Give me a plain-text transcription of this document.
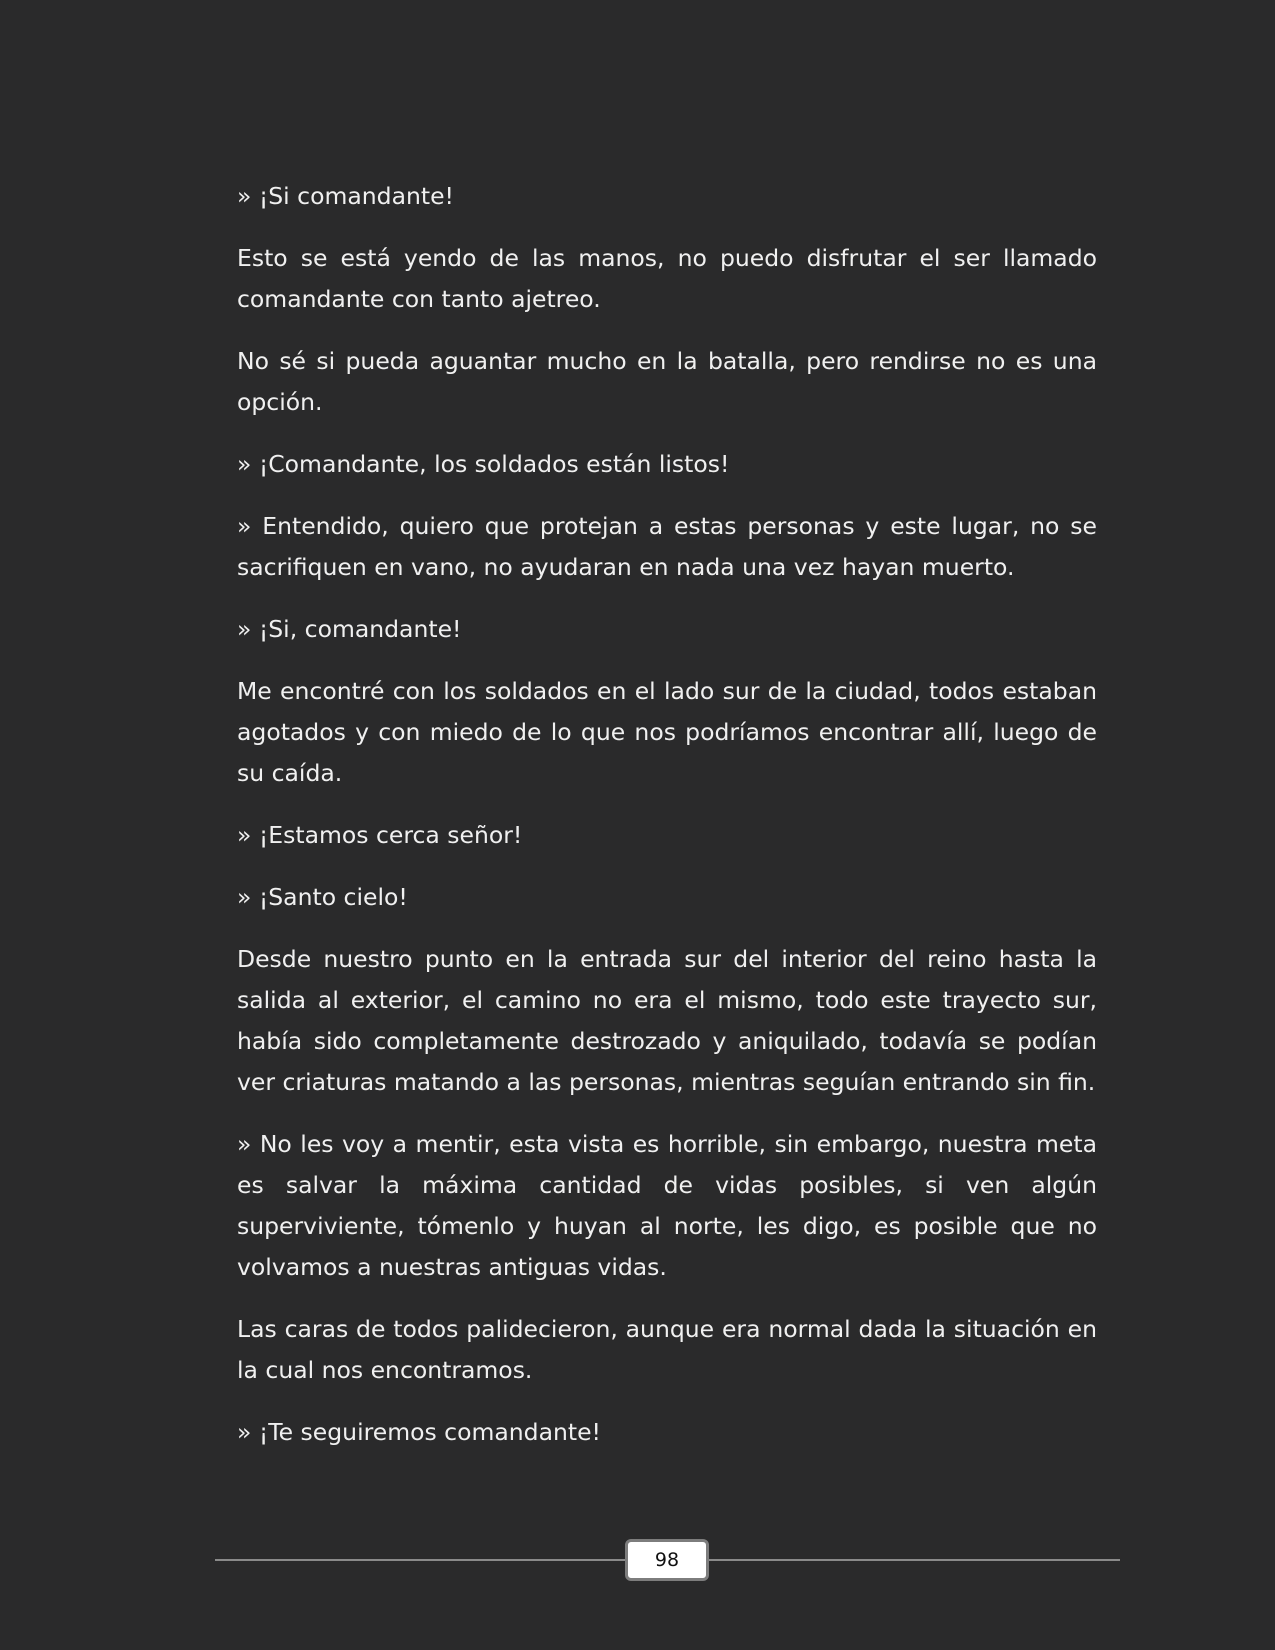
» ¡Si comandante!

Esto se está yendo de las manos, no puedo disfrutar el ser llamado comandante con tanto ajetreo.

No sé si pueda aguantar mucho en la batalla, pero rendirse no es una opción.

» ¡Comandante, los soldados están listos!

» Entendido, quiero que protejan a estas personas y este lugar, no se sacrifiquen en vano, no ayudaran en nada una vez hayan muerto.

» ¡Si, comandante!

Me encontré con los soldados en el lado sur de la ciudad, todos estaban agotados y con miedo de lo que nos podríamos encontrar allí, luego de su caída.

» ¡Estamos cerca señor!

» ¡Santo cielo!

Desde nuestro punto en la entrada sur del interior del reino hasta la salida al exterior, el camino no era el mismo, todo este trayecto sur, había sido completamente destrozado y aniquilado, todavía se podían ver criaturas matando a las personas, mientras seguían entrando sin fin.

» No les voy a mentir, esta vista es horrible, sin embargo, nuestra meta es salvar la máxima cantidad de vidas posibles, si ven algún superviviente, tómenlo y huyan al norte, les digo, es posible que no volvamos a nuestras antiguas vidas.

Las caras de todos palidecieron, aunque era normal dada la situación en la cual nos encontramos.

» ¡Te seguiremos comandante!

98
